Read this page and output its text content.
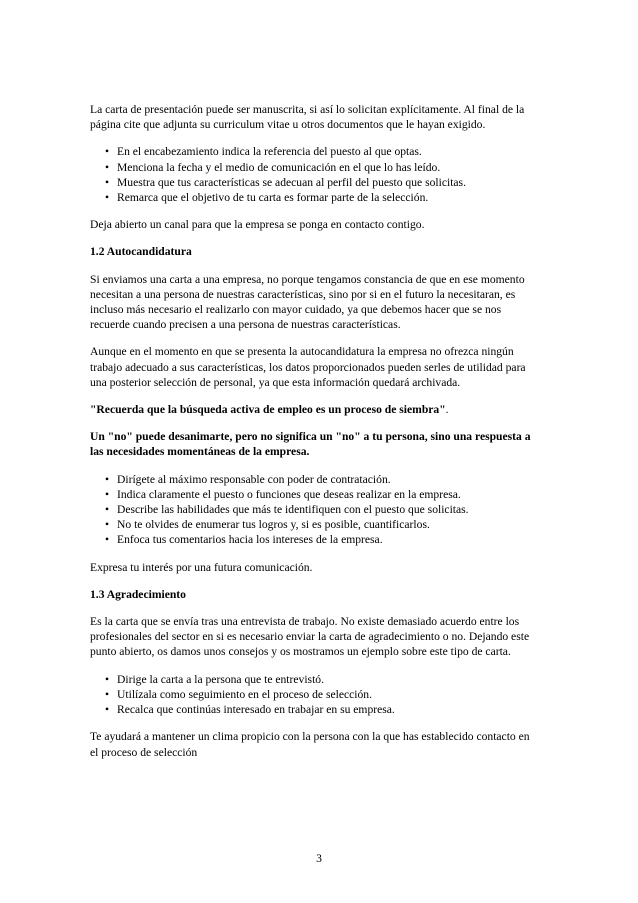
La carta de presentación puede ser manuscrita, si así lo solicitan explícitamente. Al final de la
página cite que adjunta su curriculum vitae u otros documentos que le hayan exigido.

• En el encabezamiento indica la referencia del puesto al que optas.
• Menciona la fecha y el medio de comunicación en el que lo has leído.
• Muestra que tus características se adecuan al perfil del puesto que solicitas.
• Remarca que el objetivo de tu carta es formar parte de la selección.

Deja abierto un canal para que la empresa se ponga en contacto contigo.

1.2 Autocandidatura

Si enviamos una carta a una empresa, no porque tengamos constancia de que en ese momento
necesitan a una persona de nuestras características, sino por si en el futuro la necesitaran, es
incluso más necesario el realizarlo con mayor cuidado, ya que debemos hacer que se nos
recuerde cuando precisen a una persona de nuestras características.

Aunque en el momento en que se presenta la autocandidatura la empresa no ofrezca ningún
trabajo adecuado a sus características, los datos proporcionados pueden serles de utilidad para
una posterior selección de personal, ya que esta información quedará archivada.

"Recuerda que la búsqueda activa de empleo es un proceso de siembra".

Un "no" puede desanimarte, pero no significa un "no" a tu persona, sino una respuesta a
las necesidades momentáneas de la empresa.

• Dirígete al máximo responsable con poder de contratación.
• Indica claramente el puesto o funciones que deseas realizar en la empresa.
• Describe las habilidades que más te identifiquen con el puesto que solicitas.
• No te olvides de enumerar tus logros y, si es posible, cuantificarlos.
• Enfoca tus comentarios hacia los intereses de la empresa.

Expresa tu interés por una futura comunicación.

1.3 Agradecimiento

Es la carta que se envía tras una entrevista de trabajo. No existe demasiado acuerdo entre los
profesionales del sector en si es necesario enviar la carta de agradecimiento o no. Dejando este
punto abierto, os damos unos consejos y os mostramos un ejemplo sobre este tipo de carta.

• Dirige la carta a la persona que te entrevistó.
• Utilízala como seguimiento en el proceso de selección.
• Recalca que continúas interesado en trabajar en su empresa.

Te ayudará a mantener un clima propicio con la persona con la que has establecido contacto en
el proceso de selección

3
